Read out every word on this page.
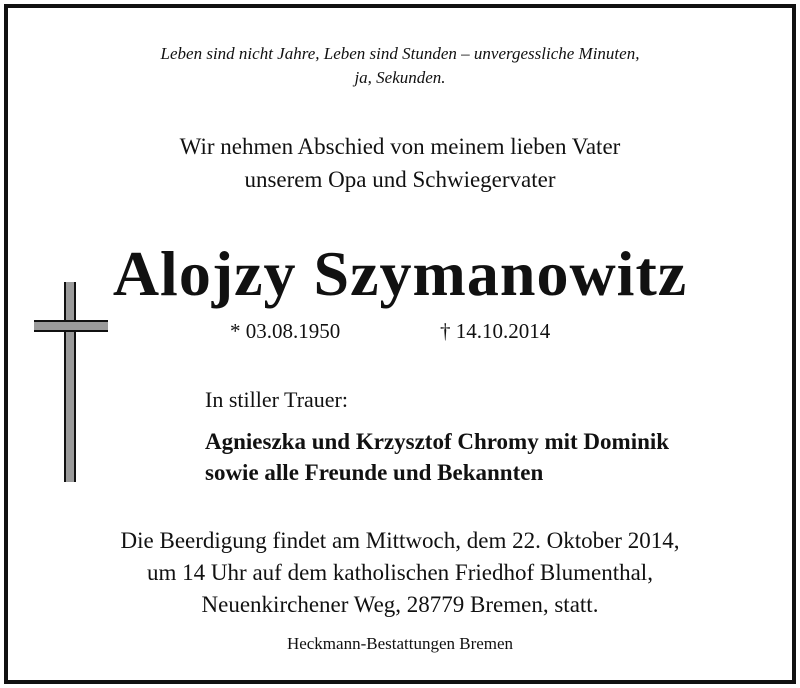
Leben sind nicht Jahre, Leben sind Stunden – unvergessliche Minuten,
ja, Sekunden.
Wir nehmen Abschied von meinem lieben Vater
unserem Opa und Schwiegervater
Alojzy Szymanowitz
* 03.08.1950	† 14.10.2014
In stiller Trauer:
Agnieszka und Krzysztof Chromy mit Dominik
sowie alle Freunde und Bekannten
Die Beerdigung findet am Mittwoch, dem 22. Oktober 2014,
um 14 Uhr auf dem katholischen Friedhof Blumenthal,
Neuenkirchener Weg, 28779 Bremen, statt.
Heckmann-Bestattungen Bremen
